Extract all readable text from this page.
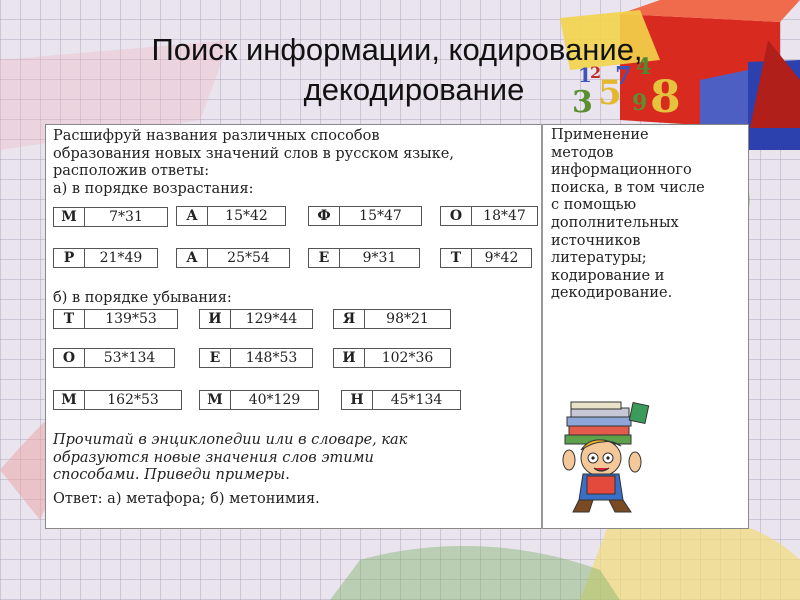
3 5
1
2 7 4
8
9
Поиск информации, кодирование,
декодирование
Расшифруй названия различных способов
образования новых значений слов в русском языке,
расположив ответы:
а) в порядке возрастания:
М	7*31	А	15*42	Ф	15*47	О	18*47
Р	21*49	А	25*54	Е	9*31	Т	9*42
б) в порядке убывания:
Т	139*53	И	129*44	Я	98*21
О	53*134	Е	148*53	И	102*36
М	162*53	М	40*129	Н	45*134
Прочитай в энциклопедии или в словаре, как
образуются новые значения слов этими
способами. Приведи примеры.
Ответ: а) метафора; б) метонимия.
Применение
методов
информационного
поиска, в том числе
с помощью
дополнительных
источников
литературы;
кодирование и
декодирование.
